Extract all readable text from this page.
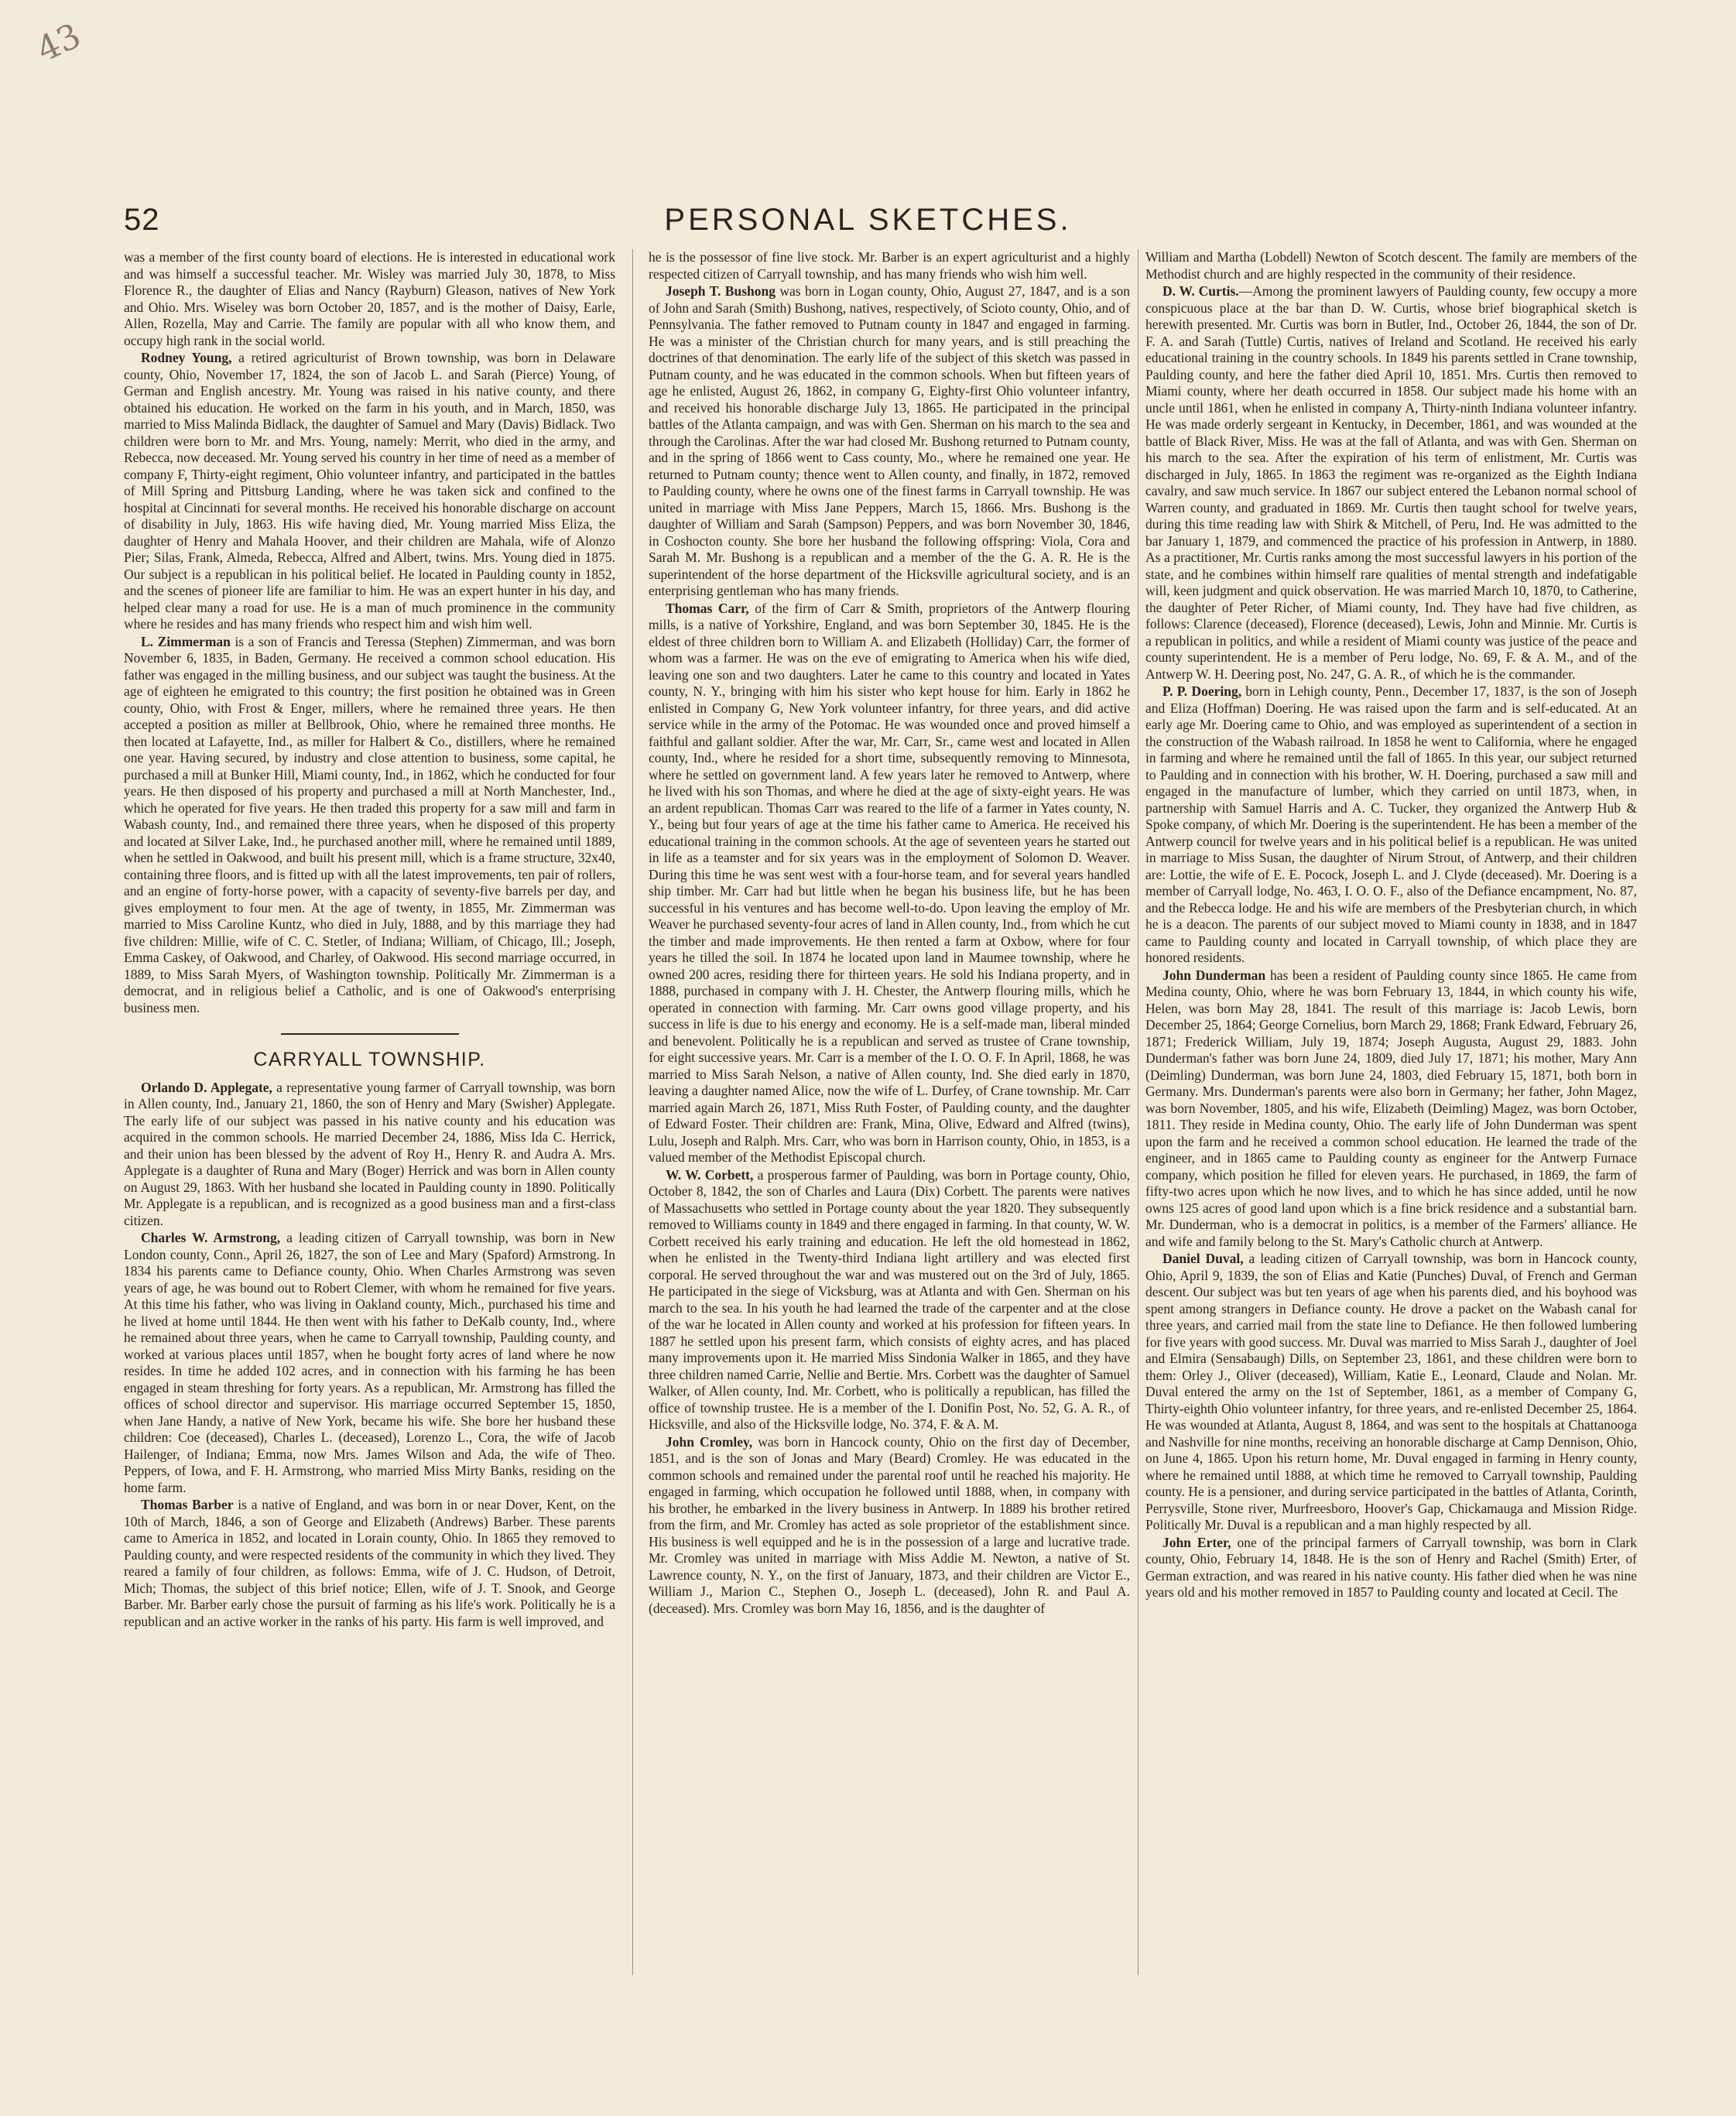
43
52	PERSONAL SKETCHES.

was a member of the first county board of elections. He is interested in educational work and was himself a successful teacher. Mr. Wisley was married July 30, 1878, to Miss Florence R., the daughter of Elias and Nancy (Rayburn) Gleason, natives of New York and Ohio. Mrs. Wiseley was born October 20, 1857, and is the mother of Daisy, Earle, Allen, Rozella, May and Carrie. The family are popular with all who know them, and occupy high rank in the social world.

Rodney Young, a retired agriculturist of Brown township, was born in Delaware county, Ohio, November 17, 1824, the son of Jacob L. and Sarah (Pierce) Young, of German and English ancestry. Mr. Young was raised in his native county, and there obtained his education. He worked on the farm in his youth, and in March, 1850, was married to Miss Malinda Bidlack, the daughter of Samuel and Mary (Davis) Bidlack. Two children were born to Mr. and Mrs. Young, namely: Merrit, who died in the army, and Rebecca, now deceased. Mr. Young served his country in her time of need as a member of company F, Thirty-eight regiment, Ohio volunteer infantry, and participated in the battles of Mill Spring and Pittsburg Landing, where he was taken sick and confined to the hospital at Cincinnati for several months. He received his honorable discharge on account of disability in July, 1863. His wife having died, Mr. Young married Miss Eliza, the daughter of Henry and Mahala Hoover, and their children are Mahala, wife of Alonzo Pier; Silas, Frank, Almeda, Rebecca, Alfred and Albert, twins. Mrs. Young died in 1875. Our subject is a republican in his political belief. He located in Paulding county in 1852, and the scenes of pioneer life are familiar to him. He was an expert hunter in his day, and helped clear many a road for use. He is a man of much prominence in the community where he resides and has many friends who respect him and wish him well.

L. Zimmerman is a son of Francis and Teressa (Stephen) Zimmerman, and was born November 6, 1835, in Baden, Germany. He received a common school education. His father was engaged in the milling business, and our subject was taught the business. At the age of eighteen he emigrated to this country; the first position he obtained was in Green county, Ohio, with Frost & Enger, millers, where he remained three years. He then accepted a position as miller at Bellbrook, Ohio, where he remained three months. He then located at Lafayette, Ind., as miller for Halbert & Co., distillers, where he remained one year. Having secured, by industry and close attention to business, some capital, he purchased a mill at Bunker Hill, Miami county, Ind., in 1862, which he conducted for four years. He then disposed of his property and purchased a mill at North Manchester, Ind., which he operated for five years. He then traded this property for a saw mill and farm in Wabash county, Ind., and remained there three years, when he disposed of this property and located at Silver Lake, Ind., he purchased another mill, where he remained until 1889, when he settled in Oakwood, and built his present mill, which is a frame structure, 32x40, containing three floors, and is fitted up with all the latest improvements, ten pair of rollers, and an engine of forty-horse power, with a capacity of seventy-five barrels per day, and gives employment to four men. At the age of twenty, in 1855, Mr. Zimmerman was married to Miss Caroline Kuntz, who died in July, 1888, and by this marriage they had five children: Millie, wife of C. C. Stetler, of Indiana; William, of Chicago, Ill.; Joseph, Emma Caskey, of Oakwood, and Charley, of Oakwood. His second marriage occurred, in 1889, to Miss Sarah Myers, of Washington township. Politically Mr. Zimmerman is a democrat, and in religious belief a Catholic, and is one of Oakwood's enterprising business men.

CARRYALL TOWNSHIP.

Orlando D. Applegate, a representative young farmer of Carryall township, was born in Allen county, Ind., January 21, 1860, the son of Henry and Mary (Swisher) Applegate. The early life of our subject was passed in his native county and his education was acquired in the common schools. He married December 24, 1886, Miss Ida C. Herrick, and their union has been blessed by the advent of Roy H., Henry R. and Audra A. Mrs. Applegate is a daughter of Runa and Mary (Boger) Herrick and was born in Allen county on August 29, 1863. With her husband she located in Paulding county in 1890. Politically Mr. Applegate is a republican, and is recognized as a good business man and a first-class citizen.

Charles W. Armstrong, a leading citizen of Carryall township, was born in New London county, Conn., April 26, 1827, the son of Lee and Mary (Spaford) Armstrong. In 1834 his parents came to Defiance county, Ohio. When Charles Armstrong was seven years of age, he was bound out to Robert Clemer, with whom he remained for five years. At this time his father, who was living in Oakland county, Mich., purchased his time and he lived at home until 1844. He then went with his father to DeKalb county, Ind., where he remained about three years, when he came to Carryall township, Paulding county, and worked at various places until 1857, when he bought forty acres of land where he now resides. In time he added 102 acres, and in connection with his farming he has been engaged in steam threshing for forty years. As a republican, Mr. Armstrong has filled the offices of school director and supervisor. His marriage occurred September 15, 1850, when Jane Handy, a native of New York, became his wife. She bore her husband these children: Coe (deceased), Charles L. (deceased), Lorenzo L., Cora, the wife of Jacob Hailenger, of Indiana; Emma, now Mrs. James Wilson and Ada, the wife of Theo. Peppers, of Iowa, and F. H. Armstrong, who married Miss Mirty Banks, residing on the home farm.

Thomas Barber is a native of England, and was born in or near Dover, Kent, on the 10th of March, 1846, a son of George and Elizabeth (Andrews) Barber. These parents came to America in 1852, and located in Lorain county, Ohio. In 1865 they removed to Paulding county, and were respected residents of the community in which they lived. They reared a family of four children, as follows: Emma, wife of J. C. Hudson, of Detroit, Mich; Thomas, the subject of this brief notice; Ellen, wife of J. T. Snook, and George Barber. Mr. Barber early chose the pursuit of farming as his life's work. Politically he is a republican and an active worker in the ranks of his party. His farm is well improved, and

he is the possessor of fine live stock. Mr. Barber is an expert agriculturist and a highly respected citizen of Carryall township, and has many friends who wish him well.

Joseph T. Bushong was born in Logan county, Ohio, August 27, 1847, and is a son of John and Sarah (Smith) Bushong, natives, respectively, of Scioto county, Ohio, and of Pennsylvania. The father removed to Putnam county in 1847 and engaged in farming. He was a minister of the Christian church for many years, and is still preaching the doctrines of that denomination. The early life of the subject of this sketch was passed in Putnam county, and he was educated in the common schools. When but fifteen years of age he enlisted, August 26, 1862, in company G, Eighty-first Ohio volunteer infantry, and received his honorable discharge July 13, 1865. He participated in the principal battles of the Atlanta campaign, and was with Gen. Sherman on his march to the sea and through the Carolinas. After the war had closed Mr. Bushong returned to Putnam county, and in the spring of 1866 went to Cass county, Mo., where he remained one year. He returned to Putnam county; thence went to Allen county, and finally, in 1872, removed to Paulding county, where he owns one of the finest farms in Carryall township. He was united in marriage with Miss Jane Peppers, March 15, 1866. Mrs. Bushong is the daughter of William and Sarah (Sampson) Peppers, and was born November 30, 1846, in Coshocton county. She bore her husband the following offspring: Viola, Cora and Sarah M. Mr. Bushong is a republican and a member of the the G. A. R. He is the superintendent of the horse department of the Hicksville agricultural society, and is an enterprising gentleman who has many friends.

Thomas Carr, of the firm of Carr & Smith, proprietors of the Antwerp flouring mills, is a native of Yorkshire, England, and was born September 30, 1845. He is the eldest of three children born to William A. and Elizabeth (Holliday) Carr, the former of whom was a farmer. He was on the eve of emigrating to America when his wife died, leaving one son and two daughters. Later he came to this country and located in Yates county, N. Y., bringing with him his sister who kept house for him. Early in 1862 he enlisted in Company G, New York volunteer infantry, for three years, and did active service while in the army of the Potomac. He was wounded once and proved himself a faithful and gallant soldier. After the war, Mr. Carr, Sr., came west and located in Allen county, Ind., where he resided for a short time, subsequently removing to Minnesota, where he settled on government land. A few years later he removed to Antwerp, where he lived with his son Thomas, and where he died at the age of sixty-eight years. He was an ardent republican. Thomas Carr was reared to the life of a farmer in Yates county, N. Y., being but four years of age at the time his father came to America. He received his educational training in the common schools. At the age of seventeen years he started out in life as a teamster and for six years was in the employment of Solomon D. Weaver. During this time he was sent west with a four-horse team, and for several years handled ship timber. Mr. Carr had but little when he began his business life, but he has been successful in his ventures and has become well-to-do. Upon leaving the employ of Mr. Weaver he purchased seventy-four acres of land in Allen county, Ind., from which he cut the timber and made improvements. He then rented a farm at Oxbow, where for four years he tilled the soil. In 1874 he located upon land in Maumee township, where he owned 200 acres, residing there for thirteen years. He sold his Indiana property, and in 1888, purchased in company with J. H. Chester, the Antwerp flouring mills, which he operated in connection with farming. Mr. Carr owns good village property, and his success in life is due to his energy and economy. He is a self-made man, liberal minded and benevolent. Politically he is a republican and served as trustee of Crane township, for eight successive years. Mr. Carr is a member of the I. O. O. F. In April, 1868, he was married to Miss Sarah Nelson, a native of Allen county, Ind. She died early in 1870, leaving a daughter named Alice, now the wife of L. Durfey, of Crane township. Mr. Carr married again March 26, 1871, Miss Ruth Foster, of Paulding county, and the daughter of Edward Foster. Their children are: Frank, Mina, Olive, Edward and Alfred (twins), Lulu, Joseph and Ralph. Mrs. Carr, who was born in Harrison county, Ohio, in 1853, is a valued member of the Methodist Episcopal church.

W. W. Corbett, a prosperous farmer of Paulding, was born in Portage county, Ohio, October 8, 1842, the son of Charles and Laura (Dix) Corbett. The parents were natives of Massachusetts who settled in Portage county about the year 1820. They subsequently removed to Williams county in 1849 and there engaged in farming. In that county, W. W. Corbett received his early training and education. He left the old homestead in 1862, when he enlisted in the Twenty-third Indiana light artillery and was elected first corporal. He served throughout the war and was mustered out on the 3rd of July, 1865. He participated in the siege of Vicksburg, was at Atlanta and with Gen. Sherman on his march to the sea. In his youth he had learned the trade of the carpenter and at the close of the war he located in Allen county and worked at his profession for fifteen years. In 1887 he settled upon his present farm, which consists of eighty acres, and has placed many improvements upon it. He married Miss Sindonia Walker in 1865, and they have three children named Carrie, Nellie and Bertie. Mrs. Corbett was the daughter of Samuel Walker, of Allen county, Ind. Mr. Corbett, who is politically a republican, has filled the office of township trustee. He is a member of the I. Donifin Post, No. 52, G. A. R., of Hicksville, and also of the Hicksville lodge, No. 374, F. & A. M.

John Cromley, was born in Hancock county, Ohio on the first day of December, 1851, and is the son of Jonas and Mary (Beard) Cromley. He was educated in the common schools and remained under the parental roof until he reached his majority. He engaged in farming, which occupation he followed until 1888, when, in company with his brother, he embarked in the livery business in Antwerp. In 1889 his brother retired from the firm, and Mr. Cromley has acted as sole proprietor of the establishment since. His business is well equipped and he is in the possession of a large and lucrative trade. Mr. Cromley was united in marriage with Miss Addie M. Newton, a native of St. Lawrence county, N. Y., on the first of January, 1873, and their children are Victor E., William J., Marion C., Stephen O., Joseph L. (deceased), John R. and Paul A. (deceased). Mrs. Cromley was born May 16, 1856, and is the daughter of

William and Martha (Lobdell) Newton of Scotch descent. The family are members of the Methodist church and are highly respected in the community of their residence.

D. W. Curtis.—Among the prominent lawyers of Paulding county, few occupy a more conspicuous place at the bar than D. W. Curtis, whose brief biographical sketch is herewith presented. Mr. Curtis was born in Butler, Ind., October 26, 1844, the son of Dr. F. A. and Sarah (Tuttle) Curtis, natives of Ireland and Scotland. He received his early educational training in the country schools. In 1849 his parents settled in Crane township, Paulding county, and here the father died April 10, 1851. Mrs. Curtis then removed to Miami county, where her death occurred in 1858. Our subject made his home with an uncle until 1861, when he enlisted in company A, Thirty-ninth Indiana volunteer infantry. He was made orderly sergeant in Kentucky, in December, 1861, and was wounded at the battle of Black River, Miss. He was at the fall of Atlanta, and was with Gen. Sherman on his march to the sea. After the expiration of his term of enlistment, Mr. Curtis was discharged in July, 1865. In 1863 the regiment was re-organized as the Eighth Indiana cavalry, and saw much service. In 1867 our subject entered the Lebanon normal school of Warren county, and graduated in 1869. Mr. Curtis then taught school for twelve years, during this time reading law with Shirk & Mitchell, of Peru, Ind. He was admitted to the bar January 1, 1879, and commenced the practice of his profession in Antwerp, in 1880. As a practitioner, Mr. Curtis ranks among the most successful lawyers in his portion of the state, and he combines within himself rare qualities of mental strength and indefatigable will, keen judgment and quick observation. He was married March 10, 1870, to Catherine, the daughter of Peter Richer, of Miami county, Ind. They have had five children, as follows: Clarence (deceased), Florence (deceased), Lewis, John and Minnie. Mr. Curtis is a republican in politics, and while a resident of Miami county was justice of the peace and county superintendent. He is a member of Peru lodge, No. 69, F. & A. M., and of the Antwerp W. H. Deering post, No. 247, G. A. R., of which he is the commander.

P. P. Doering, born in Lehigh county, Penn., December 17, 1837, is the son of Joseph and Eliza (Hoffman) Doering. He was raised upon the farm and is self-educated. At an early age Mr. Doering came to Ohio, and was employed as superintendent of a section in the construction of the Wabash railroad. In 1858 he went to California, where he engaged in farming and where he remained until the fall of 1865. In this year, our subject returned to Paulding and in connection with his brother, W. H. Doering, purchased a saw mill and engaged in the manufacture of lumber, which they carried on until 1873, when, in partnership with Samuel Harris and A. C. Tucker, they organized the Antwerp Hub & Spoke company, of which Mr. Doering is the superintendent. He has been a member of the Antwerp council for twelve years and in his political belief is a republican. He was united in marriage to Miss Susan, the daughter of Nirum Strout, of Antwerp, and their children are: Lottie, the wife of E. E. Pocock, Joseph L. and J. Clyde (deceased). Mr. Doering is a member of Carryall lodge, No. 463, I. O. O. F., also of the Defiance encampment, No. 87, and the Rebecca lodge. He and his wife are members of the Presbyterian church, in which he is a deacon. The parents of our subject moved to Miami county in 1838, and in 1847 came to Paulding county and located in Carryall township, of which place they are honored residents.

John Dunderman has been a resident of Paulding county since 1865. He came from Medina county, Ohio, where he was born February 13, 1844, in which county his wife, Helen, was born May 28, 1841. The result of this marriage is: Jacob Lewis, born December 25, 1864; George Cornelius, born March 29, 1868; Frank Edward, February 26, 1871; Frederick William, July 19, 1874; Joseph Augusta, August 29, 1883. John Dunderman's father was born June 24, 1809, died July 17, 1871; his mother, Mary Ann (Deimling) Dunderman, was born June 24, 1803, died February 15, 1871, both born in Germany. Mrs. Dunderman's parents were also born in Germany; her father, John Magez, was born November, 1805, and his wife, Elizabeth (Deimling) Magez, was born October, 1811. They reside in Medina county, Ohio. The early life of John Dunderman was spent upon the farm and he received a common school education. He learned the trade of the engineer, and in 1865 came to Paulding county as engineer for the Antwerp Furnace company, which position he filled for eleven years. He purchased, in 1869, the farm of fifty-two acres upon which he now lives, and to which he has since added, until he now owns 125 acres of good land upon which is a fine brick residence and a substantial barn. Mr. Dunderman, who is a democrat in politics, is a member of the Farmers' alliance. He and wife and family belong to the St. Mary's Catholic church at Antwerp.

Daniel Duval, a leading citizen of Carryall township, was born in Hancock county, Ohio, April 9, 1839, the son of Elias and Katie (Punches) Duval, of French and German descent. Our subject was but ten years of age when his parents died, and his boyhood was spent among strangers in Defiance county. He drove a packet on the Wabash canal for three years, and carried mail from the state line to Defiance. He then followed lumbering for five years with good success. Mr. Duval was married to Miss Sarah J., daughter of Joel and Elmira (Sensabaugh) Dills, on September 23, 1861, and these children were born to them: Orley J., Oliver (deceased), William, Katie E., Leonard, Claude and Nolan. Mr. Duval entered the army on the 1st of September, 1861, as a member of Company G, Thirty-eighth Ohio volunteer infantry, for three years, and re-enlisted December 25, 1864. He was wounded at Atlanta, August 8, 1864, and was sent to the hospitals at Chattanooga and Nashville for nine months, receiving an honorable discharge at Camp Dennison, Ohio, on June 4, 1865. Upon his return home, Mr. Duval engaged in farming in Henry county, where he remained until 1888, at which time he removed to Carryall township, Paulding county. He is a pensioner, and during service participated in the battles of Atlanta, Corinth, Perrysville, Stone river, Murfreesboro, Hoover's Gap, Chickamauga and Mission Ridge. Politically Mr. Duval is a republican and a man highly respected by all.

John Erter, one of the principal farmers of Carryall township, was born in Clark county, Ohio, February 14, 1848. He is the son of Henry and Rachel (Smith) Erter, of German extraction, and was reared in his native county. His father died when he was nine years old and his mother removed in 1857 to Paulding county and located at Cecil. The
